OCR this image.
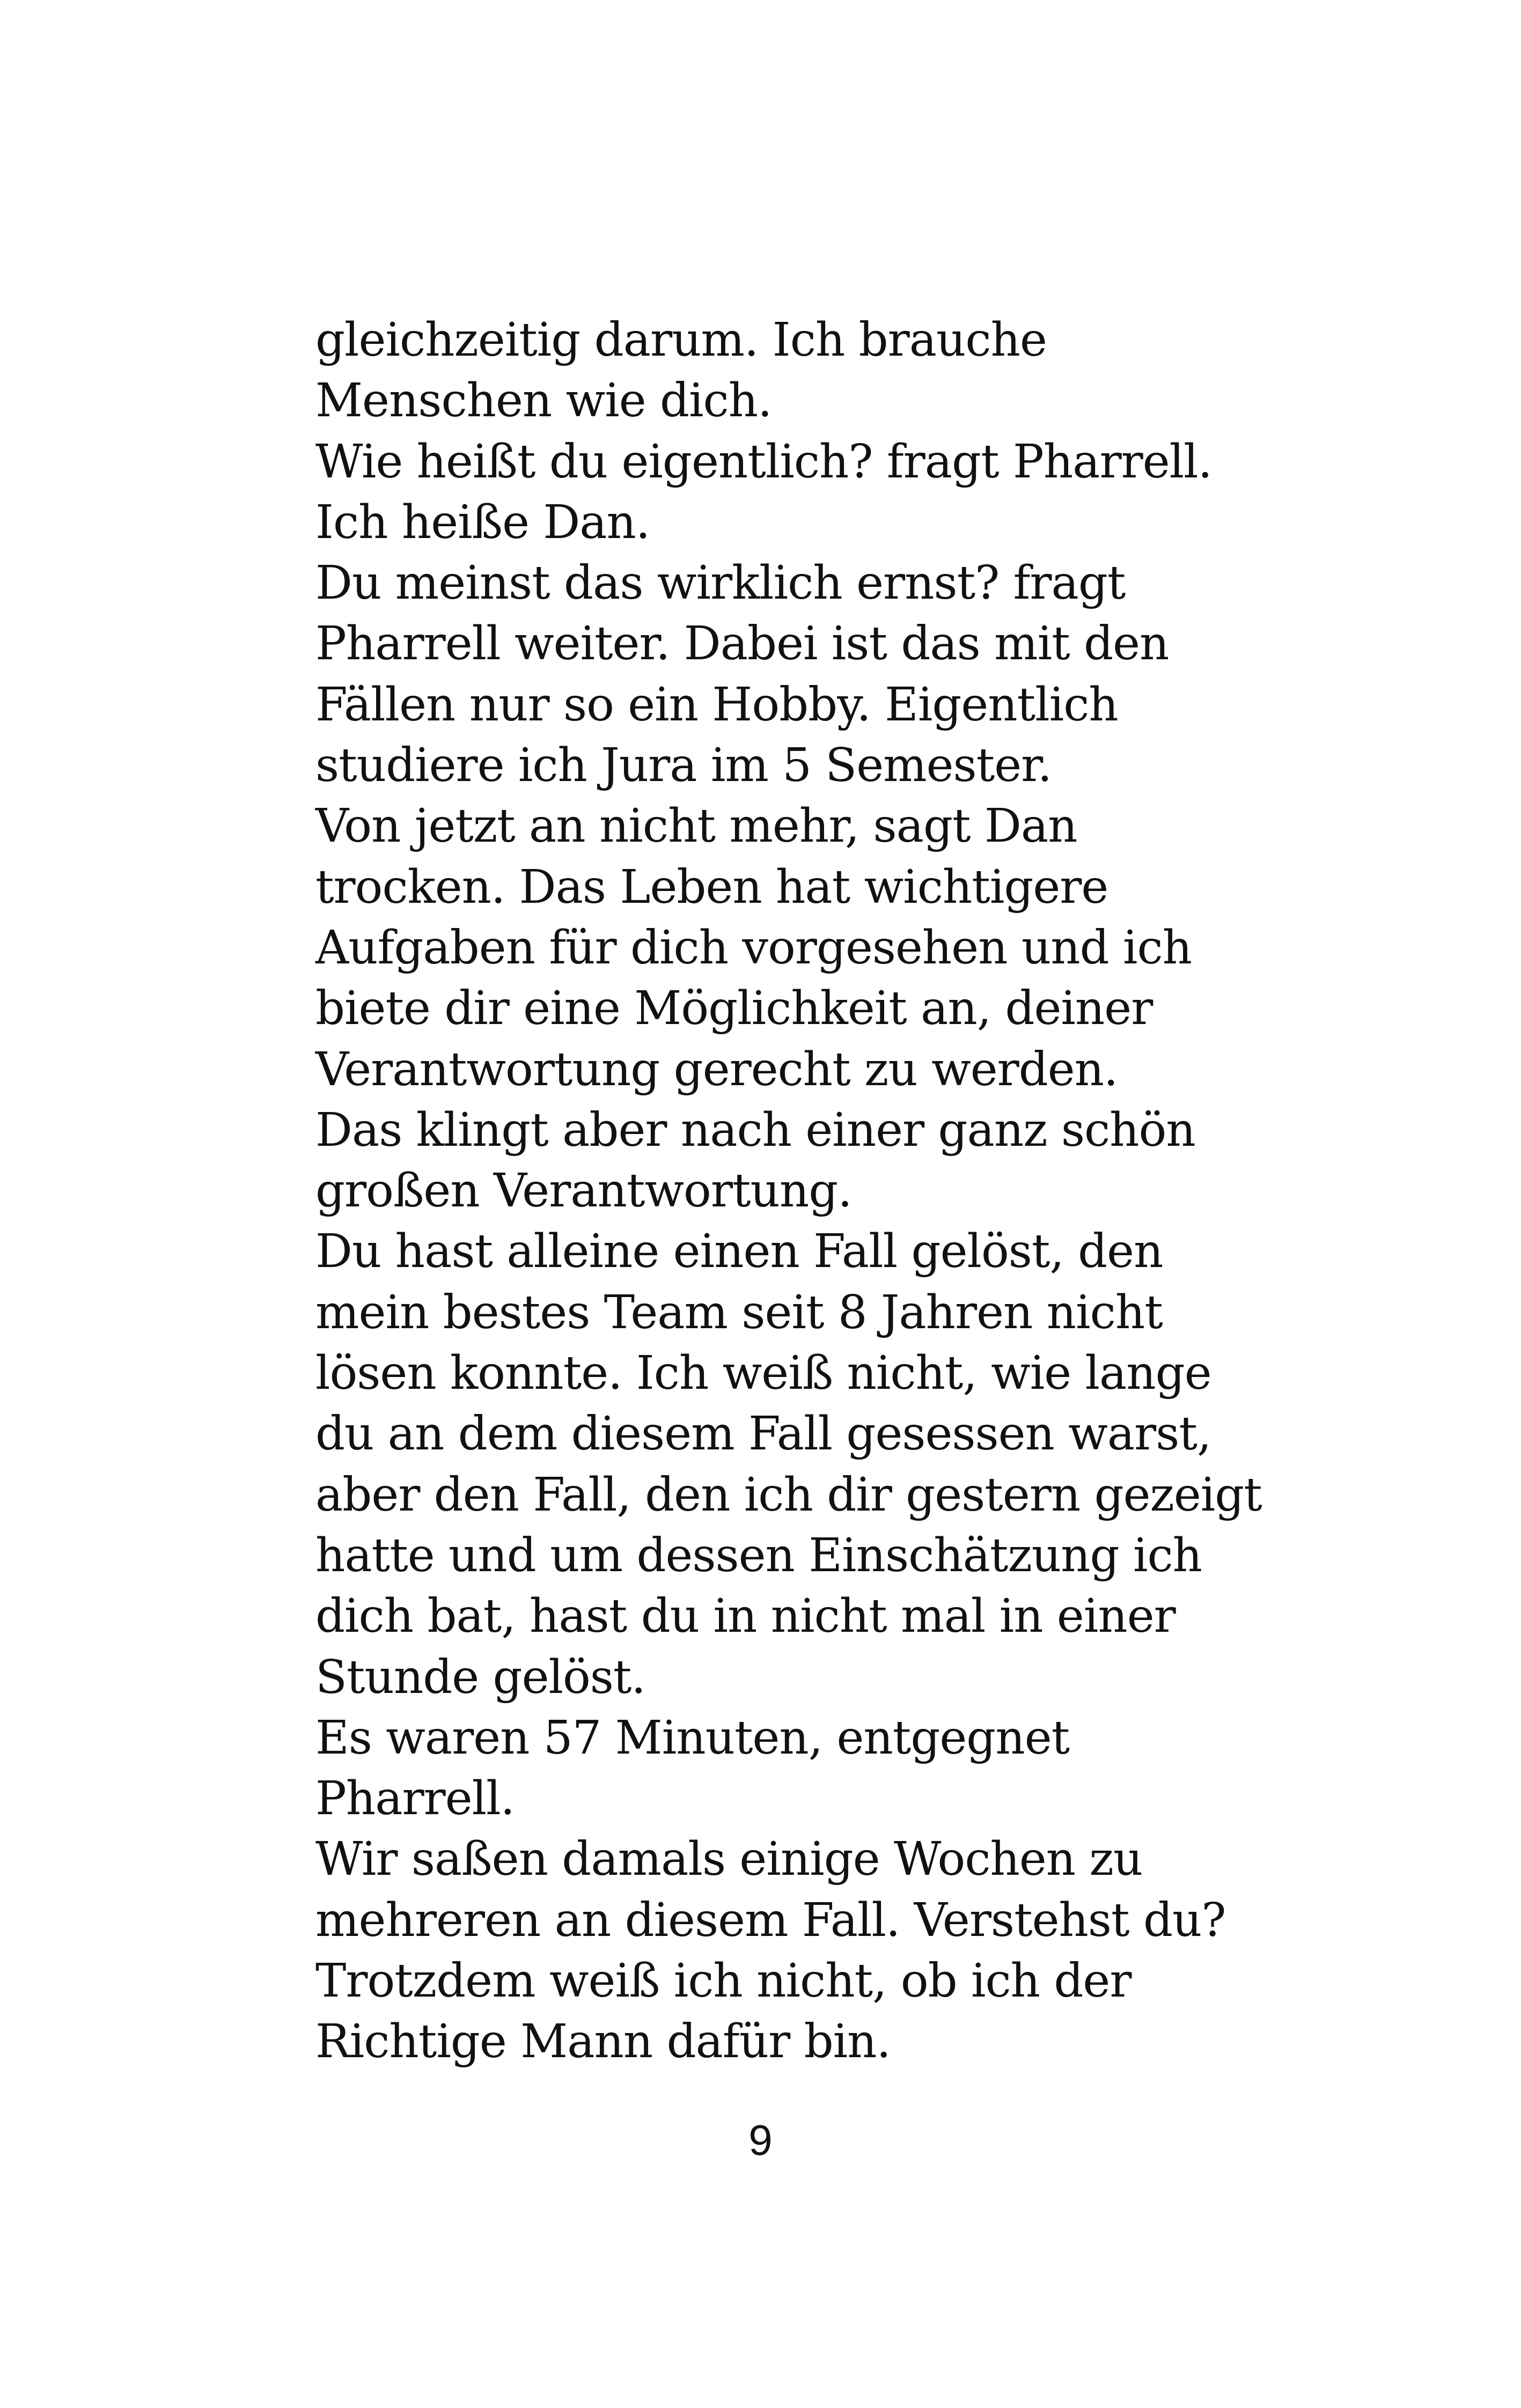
gleichzeitig darum. Ich brauche
Menschen wie dich.
Wie heißt du eigentlich? fragt Pharrell.
Ich heiße Dan.
Du meinst das wirklich ernst? fragt
Pharrell weiter. Dabei ist das mit den
Fällen nur so ein Hobby. Eigentlich
studiere ich Jura im 5 Semester.
Von jetzt an nicht mehr, sagt Dan
trocken. Das Leben hat wichtigere
Aufgaben für dich vorgesehen und ich
biete dir eine Möglichkeit an, deiner
Verantwortung gerecht zu werden.
Das klingt aber nach einer ganz schön
großen Verantwortung.
Du hast alleine einen Fall gelöst, den
mein bestes Team seit 8 Jahren nicht
lösen konnte. Ich weiß nicht, wie lange
du an dem diesem Fall gesessen warst,
aber den Fall, den ich dir gestern gezeigt
hatte und um dessen Einschätzung ich
dich bat, hast du in nicht mal in einer
Stunde gelöst.
Es waren 57 Minuten, entgegnet
Pharrell.
Wir saßen damals einige Wochen zu
mehreren an diesem Fall. Verstehst du?
Trotzdem weiß ich nicht, ob ich der
Richtige Mann dafür bin.
9
